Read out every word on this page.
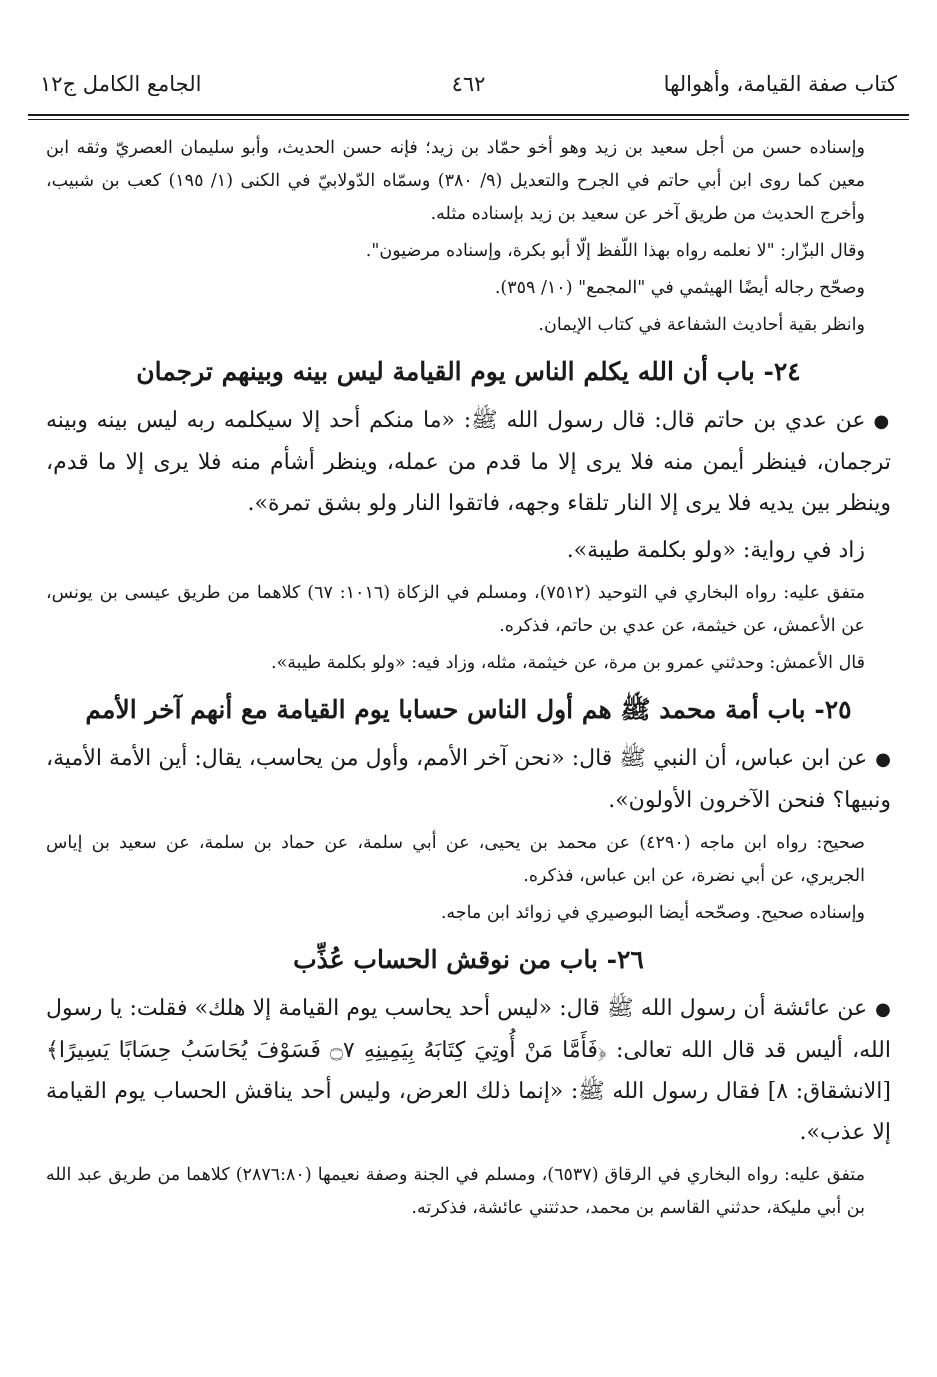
كتاب صفة القيامة، وأهوالها
٤٦٢
الجامع الكامل ج١٢

وإسناده حسن من أجل سعيد بن زيد وهو أخو حمّاد بن زيد؛ فإنه حسن الحديث، وأبو سليمان العصريّ وثقه ابن معين كما روى ابن أبي حاتم في الجرح والتعديل (٩/ ٣٨٠) وسمّاه الدّولابيّ في الكنى (١/ ١٩٥) كعب بن شبيب، وأخرج الحديث من طريق آخر عن سعيد بن زيد بإسناده مثله.

وقال البزّار: "لا نعلمه رواه بهذا اللّفظ إلّا أبو بكرة، وإسناده مرضيون".

وصحّح رجاله أيضًا الهيثمي في "المجمع" (١٠/ ٣٥٩).

وانظر بقية أحاديث الشفاعة في كتاب الإيمان.

٢٤- باب أن الله يكلم الناس يوم القيامة ليس بينه وبينهم ترجمان

●عن عدي بن حاتم قال: قال رسول الله ﷺ: «ما منكم أحد إلا سيكلمه ربه ليس بينه وبينه ترجمان، فينظر أيمن منه فلا يرى إلا ما قدم من عمله، وينظر أشأم منه فلا يرى إلا ما قدم، وينظر بين يديه فلا يرى إلا النار تلقاء وجهه، فاتقوا النار ولو بشق تمرة».

زاد في رواية: «ولو بكلمة طيبة».

متفق عليه: رواه البخاري في التوحيد (٧٥١٢)، ومسلم في الزكاة (١٠١٦: ٦٧) كلاهما من طريق عيسى بن يونس، عن الأعمش، عن خيثمة، عن عدي بن حاتم، فذكره.

قال الأعمش: وحدثني عمرو بن مرة، عن خيثمة، مثله، وزاد فيه: «ولو بكلمة طيبة».

٢٥- باب أمة محمد ﷺ هم أول الناس حسابا يوم القيامة مع أنهم آخر الأمم

●عن ابن عباس، أن النبي ﷺ قال: «نحن آخر الأمم، وأول من يحاسب، يقال: أين الأمة الأمية، ونبيها؟ فنحن الآخرون الأولون».

صحيح: رواه ابن ماجه (٤٢٩٠) عن محمد بن يحيى، عن أبي سلمة، عن حماد بن سلمة، عن سعيد بن إياس الجريري، عن أبي نضرة، عن ابن عباس، فذكره.

وإسناده صحيح. وصحّحه أيضا البوصيري في زوائد ابن ماجه.

٢٦- باب من نوقش الحساب عُذِّب

●عن عائشة أن رسول الله ﷺ قال: «ليس أحد يحاسب يوم القيامة إلا هلك» فقلت: يا رسول الله، أليس قد قال الله تعالى: ﴿فَأَمَّا مَنْ أُوتِيَ كِتَابَهُ بِيَمِينِهِ ۝٧ فَسَوْفَ يُحَاسَبُ حِسَابًا يَسِيرًا﴾ [الانشقاق: ٨] فقال رسول الله ﷺ: «إنما ذلك العرض، وليس أحد يناقش الحساب يوم القيامة إلا عذب».

متفق عليه: رواه البخاري في الرقاق (٦٥٣٧)، ومسلم في الجنة وصفة نعيمها (٢٨٧٦:٨٠) كلاهما من طريق عبد الله بن أبي مليكة، حدثني القاسم بن محمد، حدثتني عائشة، فذكرته.
